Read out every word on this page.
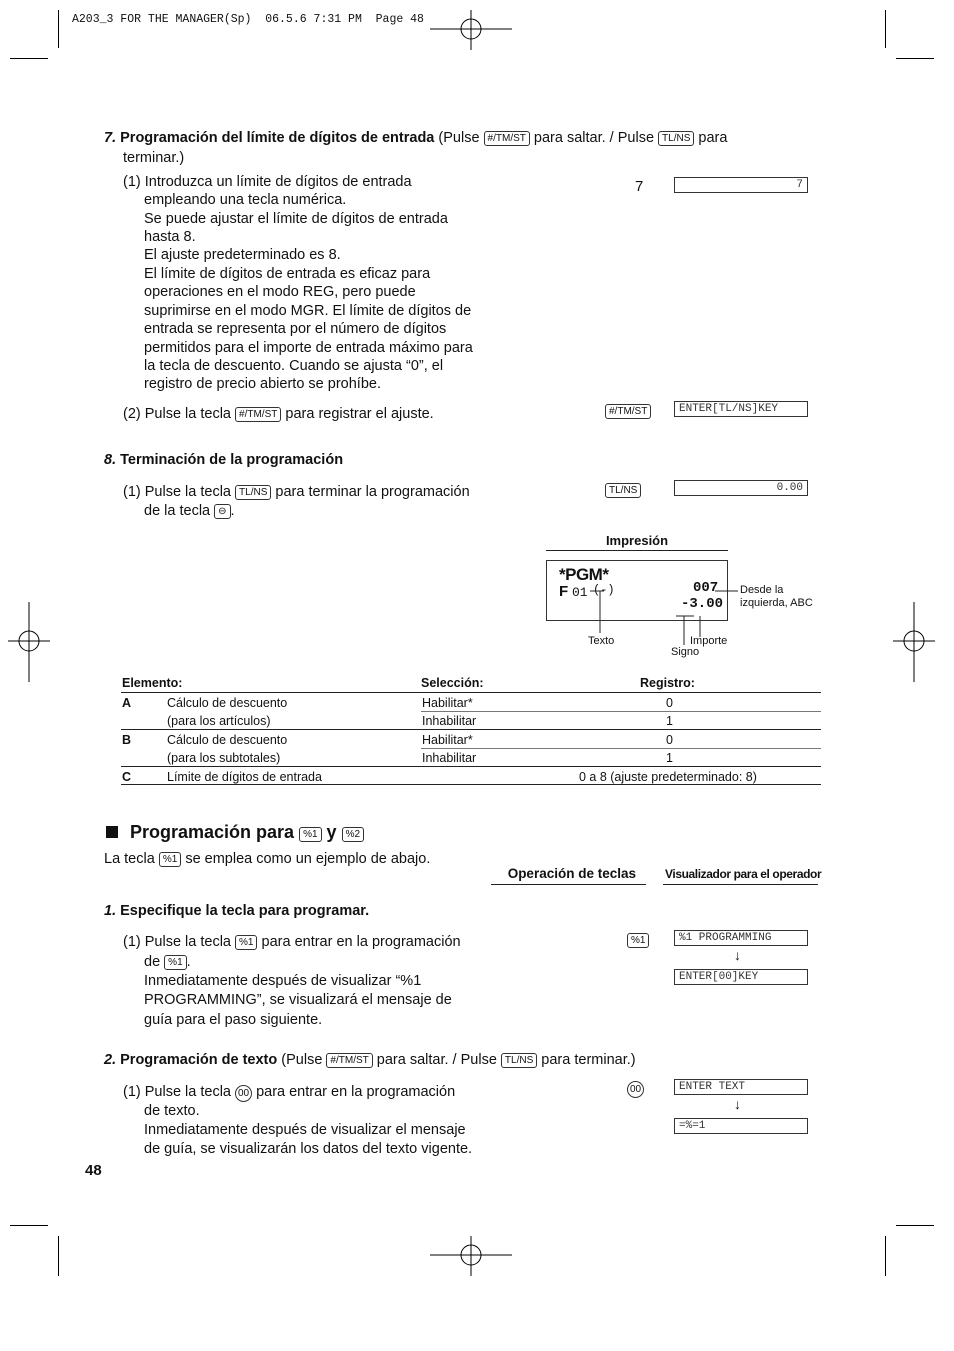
A203_3 FOR THE MANAGER(Sp)  06.5.6 7:31 PM  Page 48
7. Programación del límite de dígitos de entrada (Pulse #/TM/ST para saltar. / Pulse TL/NS para
terminar.)
(1) Introduzca un límite de dígitos de entrada
empleando una tecla numérica.
Se puede ajustar el límite de dígitos de entrada
hasta 8.
El ajuste predeterminado es 8.
El límite de dígitos de entrada es eficaz para
operaciones en el modo REG, pero puede
suprimirse en el modo MGR. El límite de dígitos de
entrada se representa por el número de dígitos
permitidos para el importe de entrada máximo para
la tecla de descuento. Cuando se ajusta “0”, el
registro de precio abierto se prohíbe.
7	7
(2) Pulse la tecla #/TM/ST para registrar el ajuste.	#/TM/ST	ENTER[TL/NS]KEY
8. Terminación de la programación
(1) Pulse la tecla TL/NS para terminar la programación
de la tecla ⊖ .
TL/NS	0.00
Impresión
*PGM*
F 01 (-)	007
-3.00
Desde la
izquierda, ABC
Texto	Importe
Signo
Elemento:	Selección:	Registro:
A	Cálculo de descuento	Habilitar*	0
(para los artículos)	Inhabilitar	1
B	Cálculo de descuento	Habilitar*	0
(para los subtotales)	Inhabilitar	1
C	Límite de dígitos de entrada	0 a 8 (ajuste predeterminado: 8)
Programación para %1 y %2
La tecla %1 se emplea como un ejemplo de abajo.
Operación de teclas Visualizador para el operador
1. Especifique la tecla para programar.
(1) Pulse la tecla %1 para entrar en la programación
de %1 .
Inmediatamente después de visualizar “%1
PROGRAMMING”, se visualizará el mensaje de
guía para el paso siguiente.
%1	%1 PROGRAMMING
↓
ENTER[00]KEY
2. Programación de texto (Pulse #/TM/ST para saltar. / Pulse TL/NS para terminar.)
(1) Pulse la tecla 00 para entrar en la programación
de texto.
Inmediatamente después de visualizar el mensaje
de guía, se visualizarán los datos del texto vigente.
00	ENTER TEXT
↓
=%=1
48
